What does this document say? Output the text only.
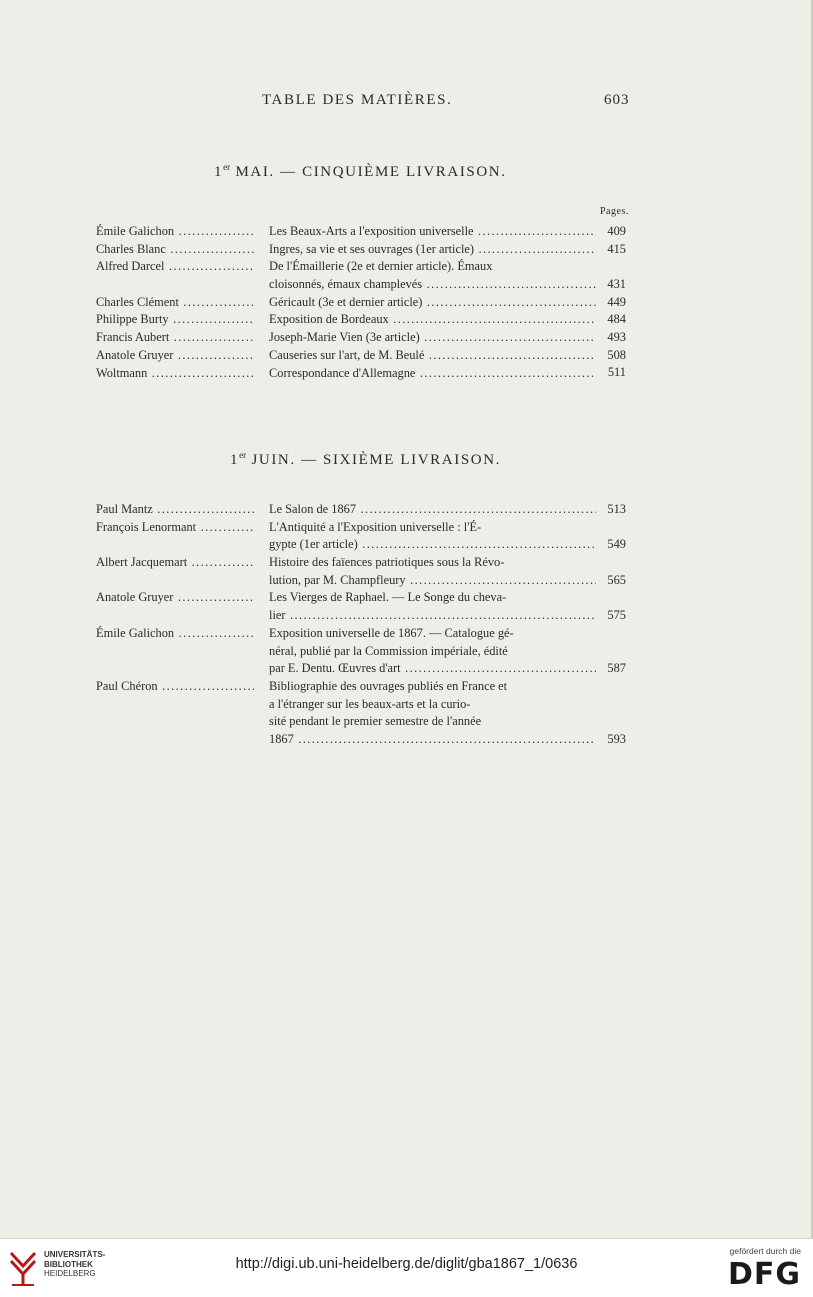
TABLE DES MATIÈRES.	603
1er MAI. — CINQUIÈME LIVRAISON.
Pages.
Émile Galichon .....	Les Beaux-Arts a l'exposition universelle .....	409
Charles Blanc .....	Ingres, sa vie et ses ouvrages (1er article) .....	415
Alfred Darcel .....	De l'Émaillerie (2e et dernier article). Émaux
cloisonnés, émaux champlevés .....	431
Charles Clément .....	Géricault (3e et dernier article) .....	449
Philippe Burty .....	Exposition de Bordeaux .....	484
Francis Aubert .....	Joseph-Marie Vien (3e article) .....	493
Anatole Gruyer .....	Causeries sur l'art, de M. Beulé .....	508
Woltmann .....	Correspondance d'Allemagne .....	511
1er JUIN. — SIXIÈME LIVRAISON.
Paul Mantz .....	Le Salon de 1867 .....	513
François Lenormant .....	L'Antiquité a l'Exposition universelle : l'É-
gypte (1er article) .....	549
Albert Jacquemart .....	Histoire des faïences patriotiques sous la Révo-
lution, par M. Champfleury .....	565
Anatole Gruyer .....	Les Vierges de Raphael. — Le Songe du cheva-
lier .....	575
Émile Galichon .....	Exposition universelle de 1867. — Catalogue gé-
néral, publié par la Commission impériale, édité
par E. Dentu. Œuvres d'art .....	587
Paul Chéron .....	Bibliographie des ouvrages publiés en France et
a l'étranger sur les beaux-arts et la curio-
sité pendant le premier semestre de l'année
1867 .....	593
UNIVERSITÄTS-
BIBLIOTHEK
HEIDELBERG
http://digi.ub.uni-heidelberg.de/diglit/gba1867_1/0636
gefördert durch die
DFG
